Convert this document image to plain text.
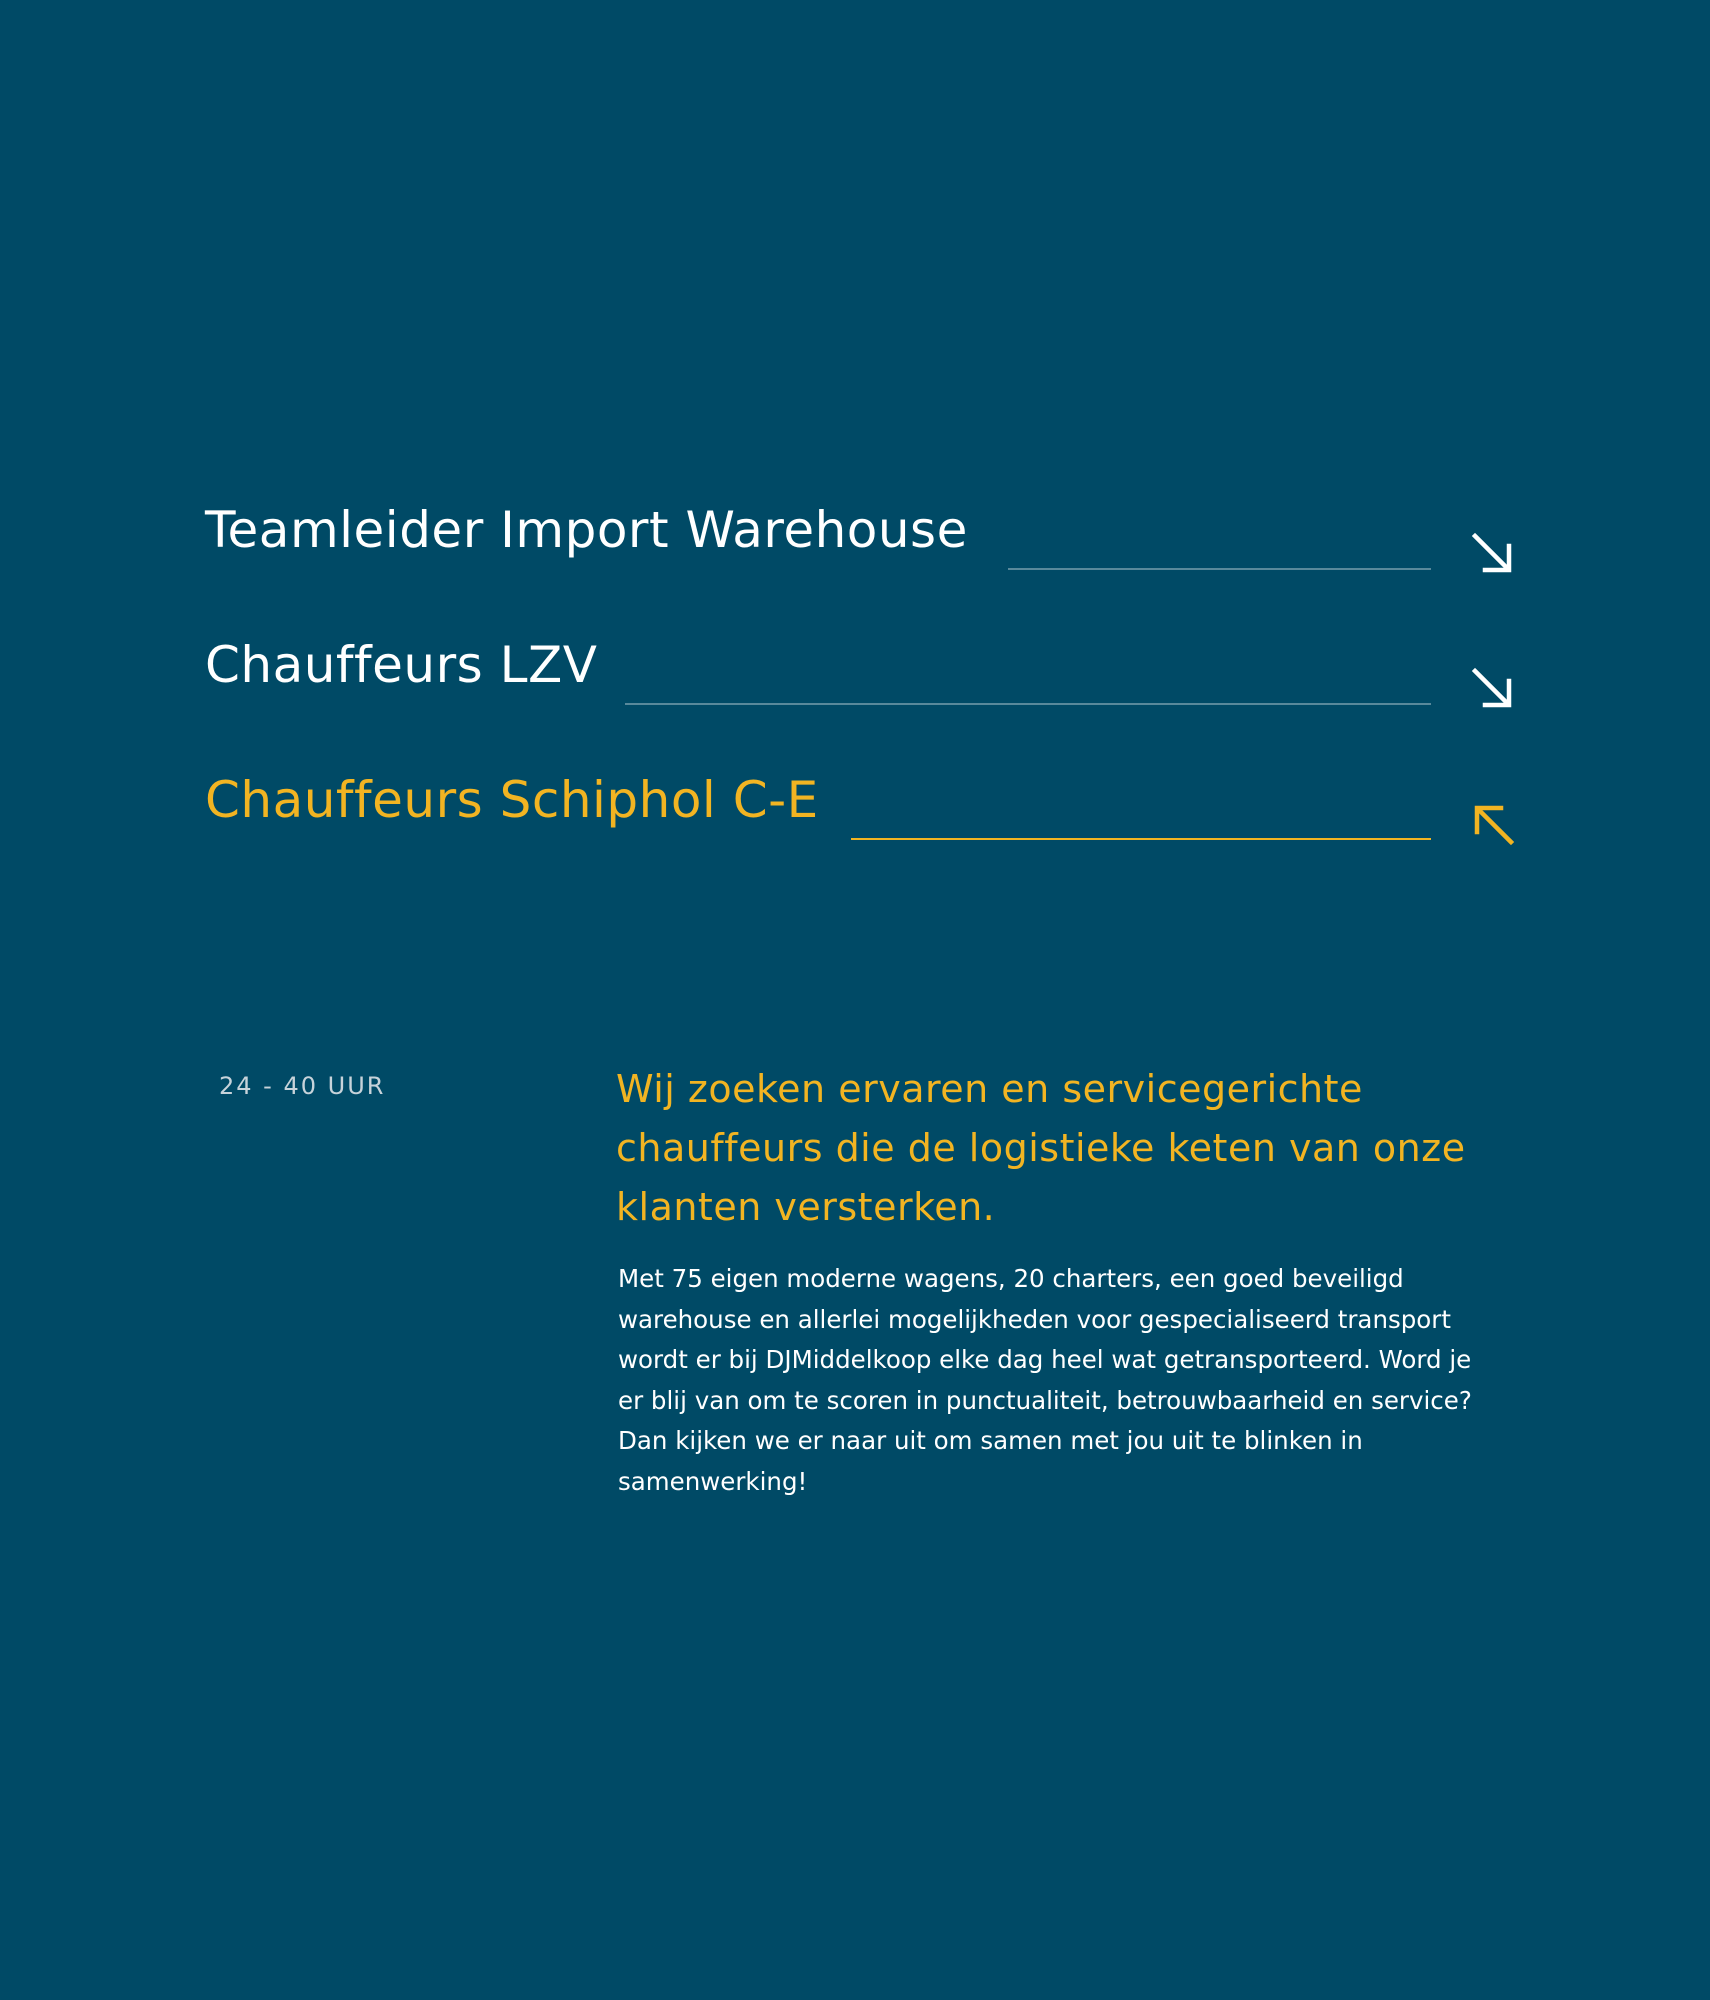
Teamleider Import Warehouse
Chauffeurs LZV
Chauffeurs Schiphol C-E
24 - 40 UUR	Wij zoeken ervaren en servicegerichte chauffeurs die de logistieke keten van onze klanten versterken.

Met 75 eigen moderne wagens, 20 charters, een goed beveiligd warehouse en allerlei mogelijkheden voor gespecialiseerd transport wordt er bij DJMiddelkoop elke dag heel wat getransporteerd. Word je er blij van om te scoren in punctualiteit, betrouwbaarheid en service? Dan kijken we er naar uit om samen met jou uit te blinken in samenwerking!
